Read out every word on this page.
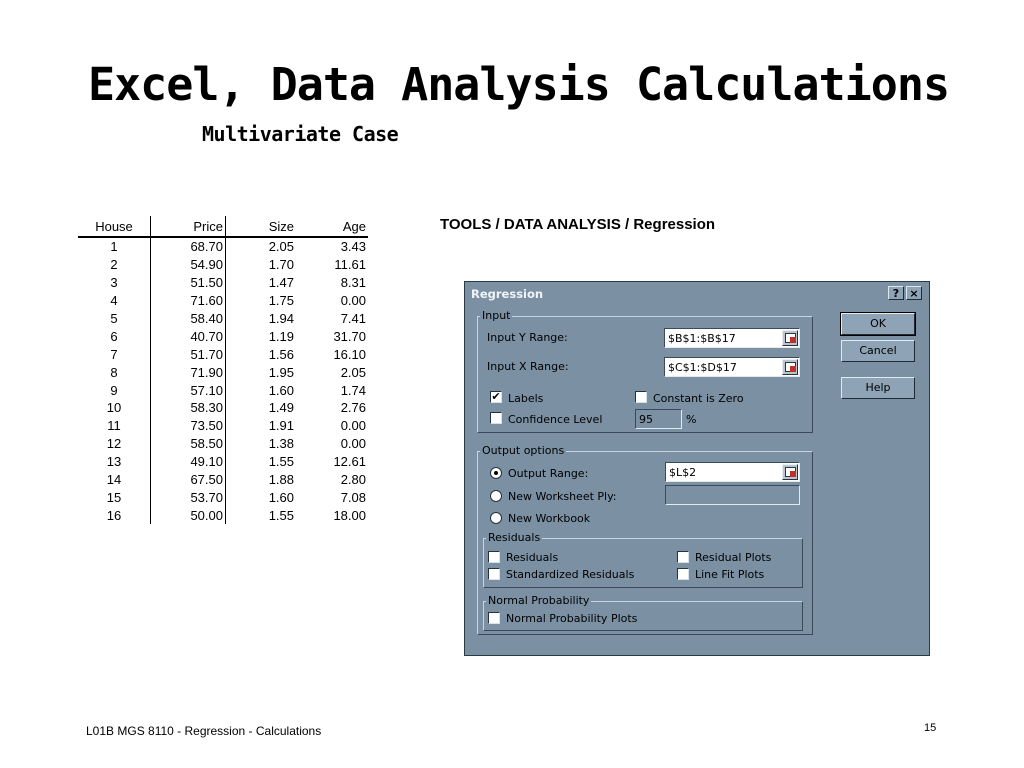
Excel, Data Analysis Calculations
Multivariate Case
TOOLS / DATA ANALYSIS / Regression
House	Price	Size	Age
1	68.70	2.05	3.43
2	54.90	1.70	11.61
3	51.50	1.47	8.31
4	71.60	1.75	0.00
5	58.40	1.94	7.41
6	40.70	1.19	31.70
7	51.70	1.56	16.10
8	71.90	1.95	2.05
9	57.10	1.60	1.74
10	58.30	1.49	2.76
11	73.50	1.91	0.00
12	58.50	1.38	0.00
13	49.10	1.55	12.61
14	67.50	1.88	2.80
15	53.70	1.60	7.08
16	50.00	1.55	18.00
Regression	? ×
Input
Input Y Range:	$B$1:$B$17
Input X Range:	$C$1:$D$17
✔ Labels	Constant is Zero
Confidence Level	95	%
Output options
Output Range:	$L$2
New Worksheet Ply:
New Workbook
Residuals
Residuals
Standardized Residuals
Residual Plots
Line Fit Plots
Normal Probability
Normal Probability Plots
OK
Cancel
Help
L01B MGS 8110 - Regression - Calculations	15
